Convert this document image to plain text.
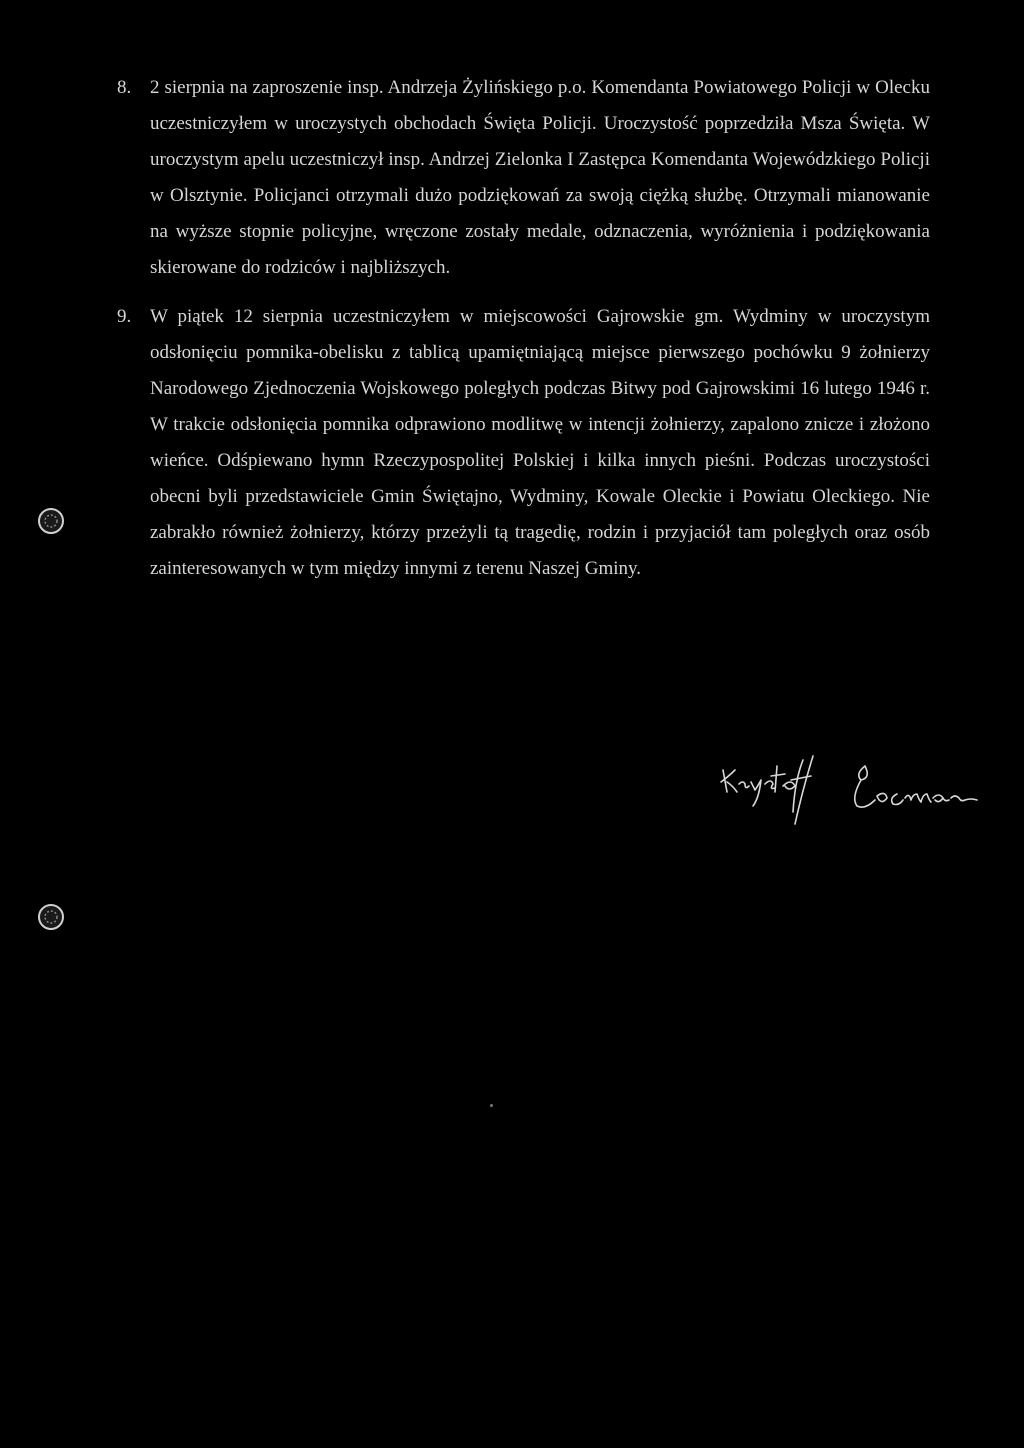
8. 2 sierpnia na zaproszenie insp. Andrzeja Żylińskiego p.o. Komendanta Powiatowego Policji w Olecku uczestniczyłem w uroczystych obchodach Święta Policji. Uroczystość poprzedziła Msza Święta. W uroczystym apelu uczestniczył insp. Andrzej Zielonka I Zastępca Komendanta Wojewódzkiego Policji w Olsztynie. Policjanci otrzymali dużo podziękowań za swoją ciężką służbę. Otrzymali mianowanie na wyższe stopnie policyjne, wręczone zostały medale, odznaczenia, wyróżnienia i podziękowania skierowane do rodziców i najbliższych.
9. W piątek 12 sierpnia uczestniczyłem w miejscowości Gajrowskie gm. Wydminy w uroczystym odsłonięciu pomnika-obelisku z tablicą upamiętniającą miejsce pierwszego pochówku 9 żołnierzy Narodowego Zjednoczenia Wojskowego poległych podczas Bitwy pod Gajrowskimi 16 lutego 1946 r. W trakcie odsłonięcia pomnika odprawiono modlitwę w intencji żołnierzy, zapalono znicze i złożono wieńce. Odśpiewano hymn Rzeczypospolitej Polskiej i kilka innych pieśni. Podczas uroczystości obecni byli przedstawiciele Gmin Świętajno, Wydminy, Kowale Oleckie i Powiatu Oleckiego. Nie zabrakło również żołnierzy, którzy przeżyli tą tragedię, rodzin i przyjaciół tam poległych oraz osób zainteresowanych w tym między innymi z terenu Naszej Gminy.
